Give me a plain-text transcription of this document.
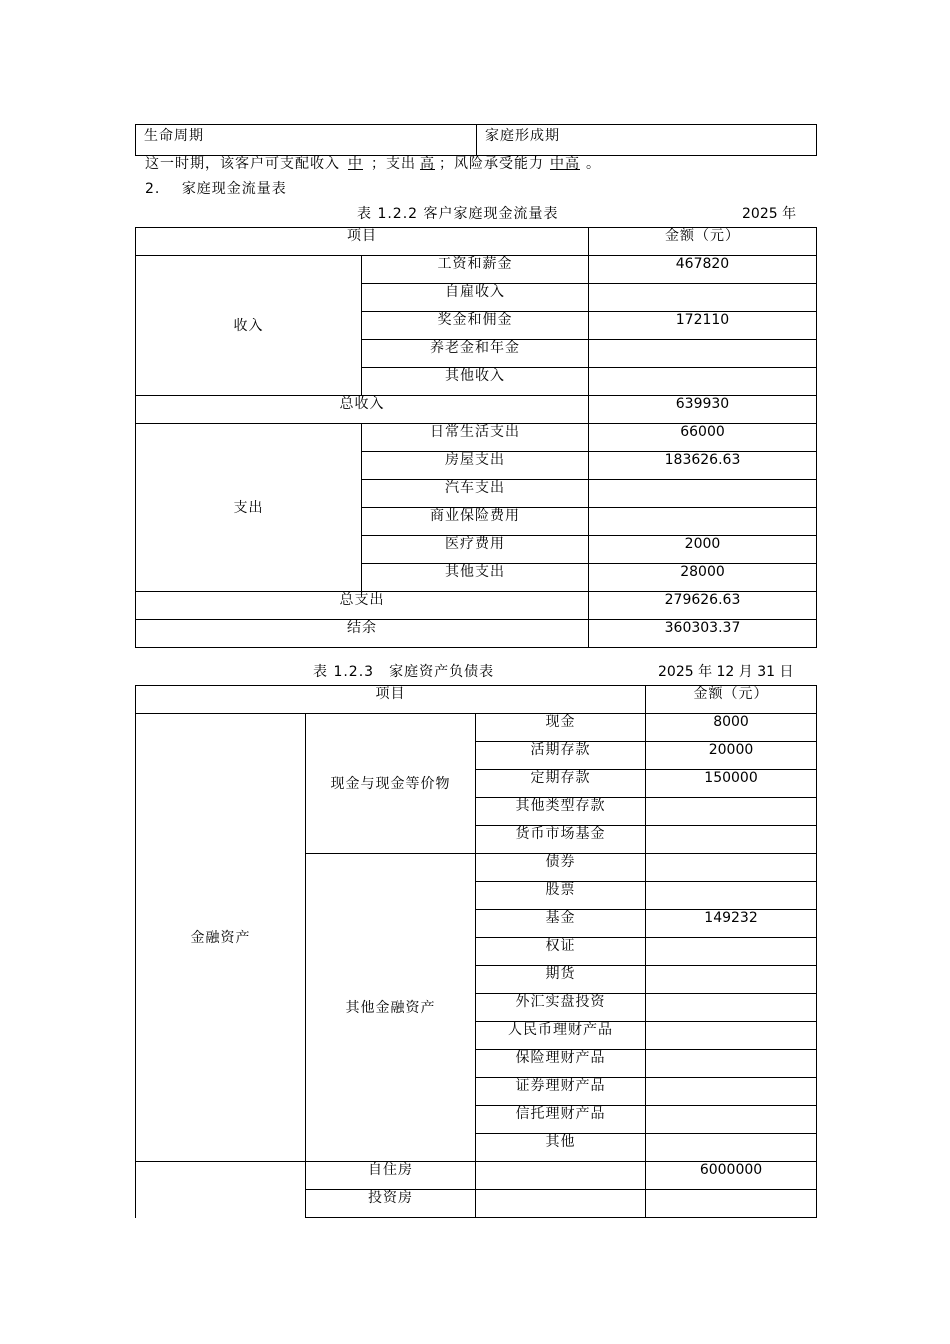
生命周期	家庭形成期
这一时期，该客户可支配收入 中 ；支出 高 ；风险承受能力 中高 。
2. 家庭现金流量表
表 1.2.2 客户家庭现金流量表	2025 年
项目		金额（元）
收入	工资和薪金	467820
	自雇收入	
	奖金和佣金	172110
	养老金和年金	
	其他收入	
总收入		639930
支出	日常生活支出	66000
	房屋支出	183626.63
	汽车支出	
	商业保险费用	
	医疗费用	2000
	其他支出	28000
总支出		279626.63
结余		360303.37
表 1.2.3　家庭资产负债表	2025 年 12 月 31 日
项目			金额（元）
金融资产	现金与现金等价物	现金	8000
		活期存款	20000
		定期存款	150000
		其他类型存款	
		货币市场基金	
	其他金融资产	债券	
		股票	
		基金	149232
		权证	
		期货	
		外汇实盘投资	
		人民币理财产品	
		保险理财产品	
		证券理财产品	
		信托理财产品	
		其他	
	自住房		6000000
	投资房		
